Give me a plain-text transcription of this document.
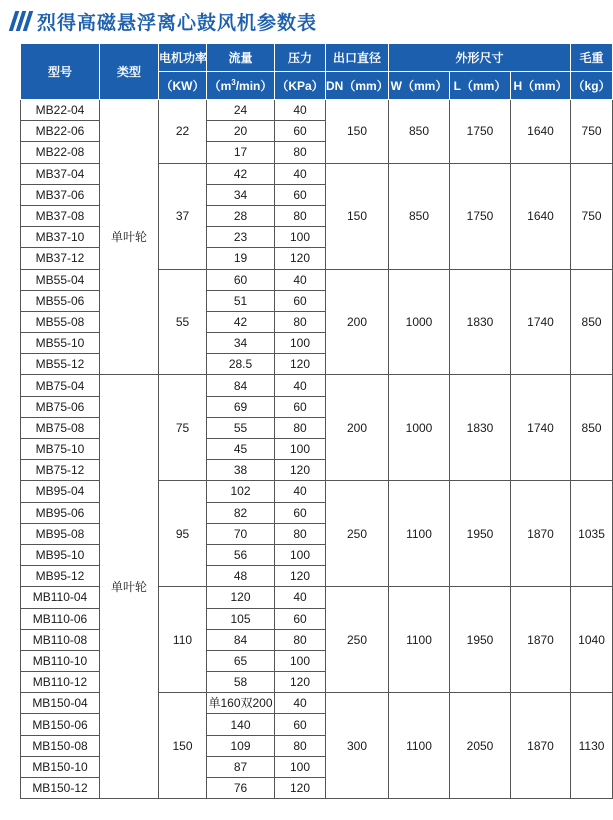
烈得高磁悬浮离心鼓风机参数表
型号	类型	电机功率	流量	压力	出口直径	外形尺寸			毛重
		（KW）	$(m^3/\min)$	（KPa）	DN（mm）	W（mm）	L（mm）	H（mm）	（kg）
MB22-04	单叶轮	22	24	40	150	850	1750	1640	750
MB22-06			20	60					
MB22-08			17	80					
MB37-04		37	42	40	150	850	1750	1640	750
MB37-06			34	60					
MB37-08			28	80					
MB37-10			23	100					
MB37-12			19	120					
MB55-04		55	60	40	200	1000	1830	1740	850
MB55-06			51	60					
MB55-08			42	80					
MB55-10			34	100					
MB55-12			28.5	120					
MB75-04	单叶轮	75	84	40	200	1000	1830	1740	850
MB75-06			69	60					
MB75-08			55	80					
MB75-10			45	100					
MB75-12			38	120					
MB95-04		95	102	40	250	1100	1950	1870	1035
MB95-06			82	60					
MB95-08			70	80					
MB95-10			56	100					
MB95-12			48	120					
MB110-04		110	120	40	250	1100	1950	1870	1040
MB110-06			105	60					
MB110-08			84	80					
MB110-10			65	100					
MB110-12			58	120					
MB150-04		150	单160双200	40	300	1100	2050	1870	1130
MB150-06			140	60					
MB150-08			109	80					
MB150-10			87	100					
MB150-12			76	120					
